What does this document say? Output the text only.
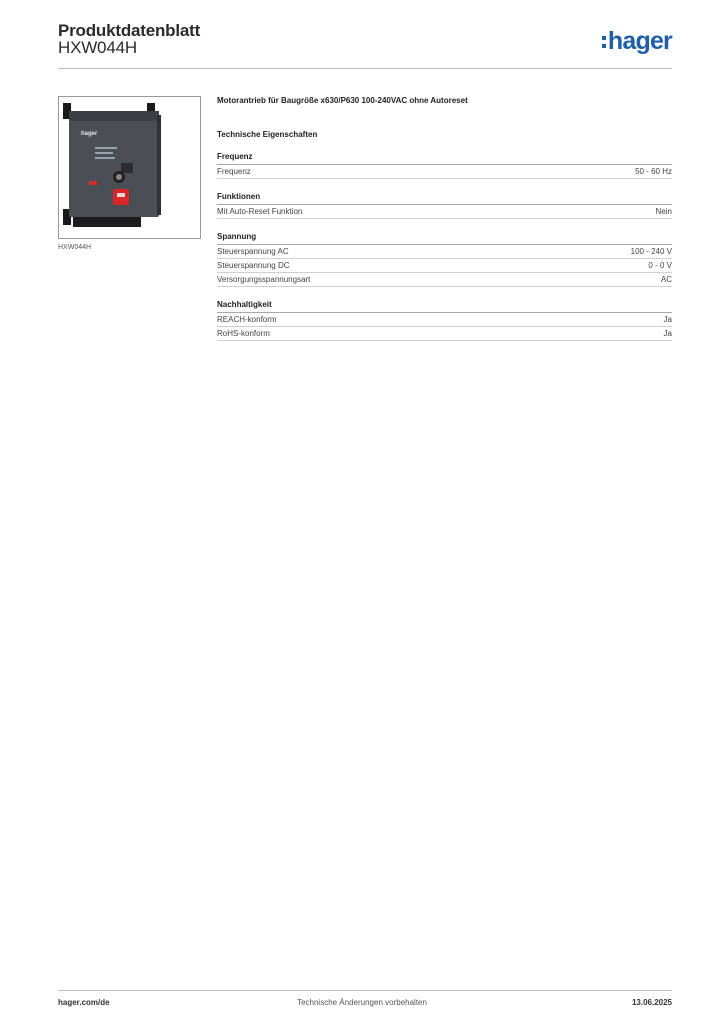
Produktdatenblatt
HXW044H	hager
hager
HXW044H
Motorantrieb für Baugröße x630/P630 100-240VAC ohne Autoreset
Technische Eigenschaften
Frequenz
Frequenz	50 - 60 Hz
Funktionen
Mit Auto-Reset Funktion	Nein
Spannung
Steuerspannung AC	100 - 240 V
Steuerspannung DC	0 - 0 V
Versorgungsspannungsart	AC
Nachhaltigkeit
REACH-konform	Ja
RoHS-konform	Ja
hager.com/de	Technische Änderungen vorbehalten	13.06.2025
